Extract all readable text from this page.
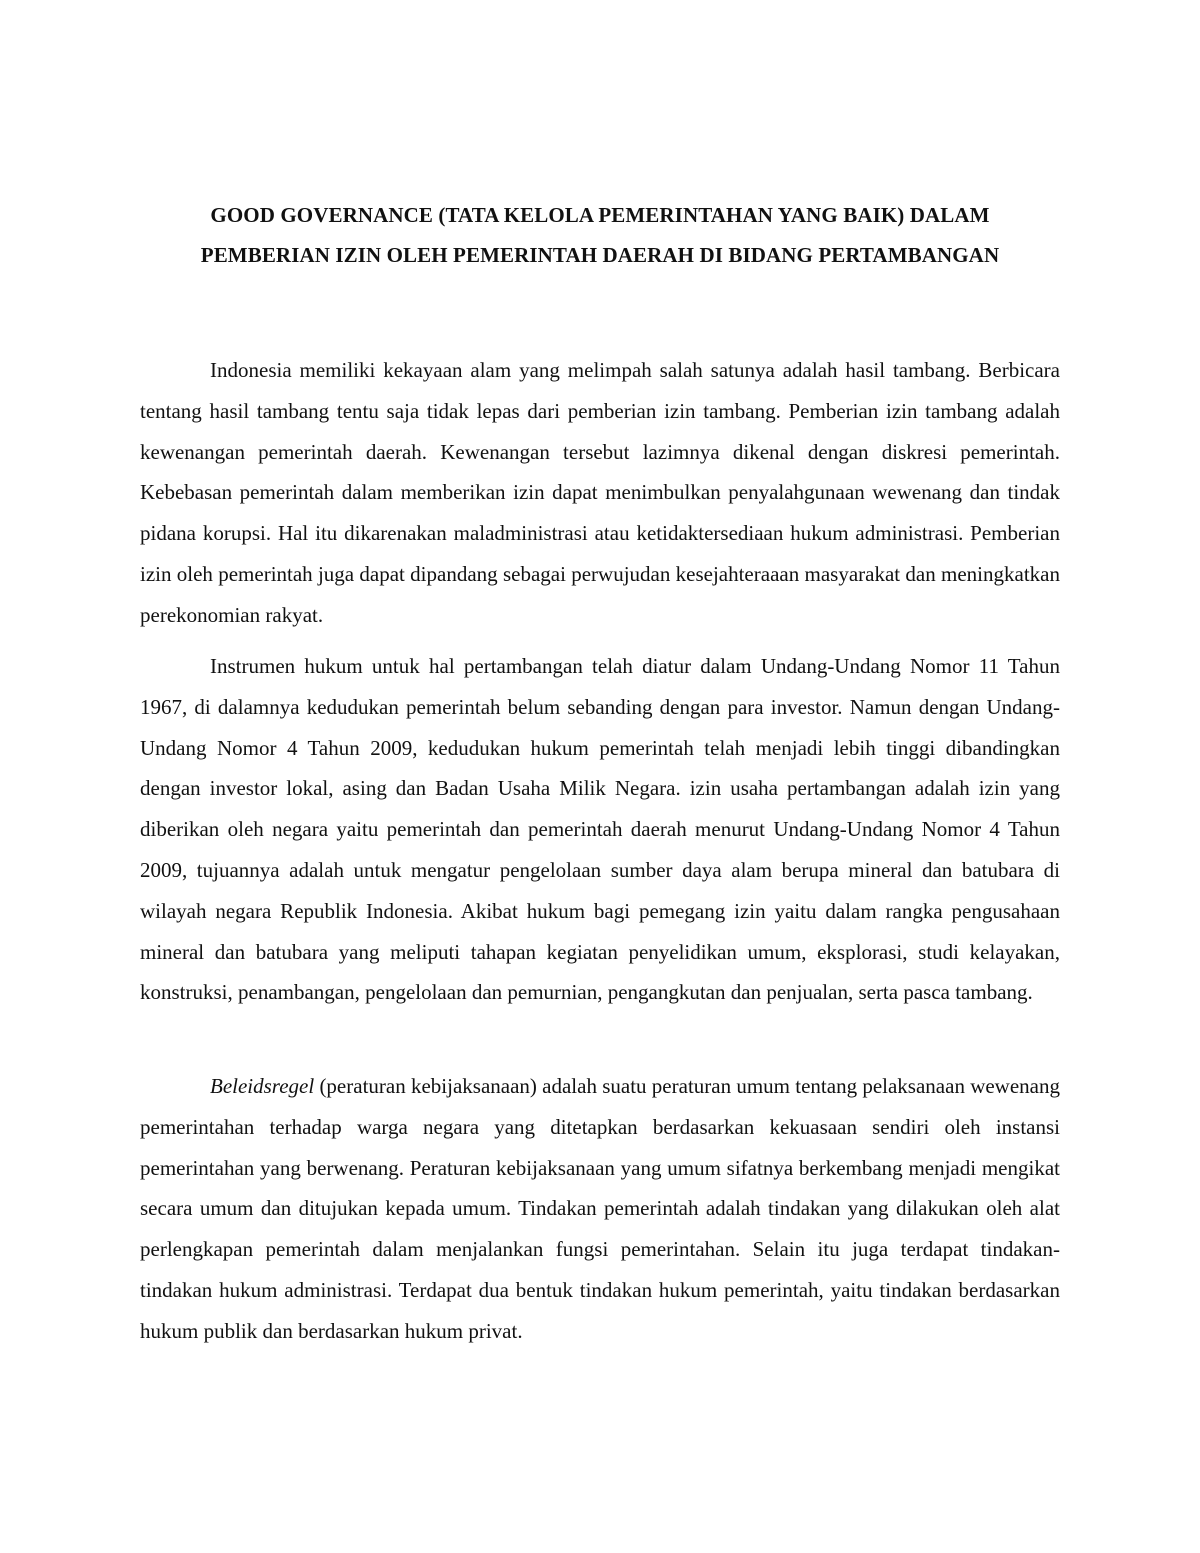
GOOD GOVERNANCE (TATA KELOLA PEMERINTAHAN YANG BAIK) DALAM
PEMBERIAN IZIN OLEH PEMERINTAH DAERAH DI BIDANG PERTAMBANGAN

Indonesia memiliki kekayaan alam yang melimpah salah satunya adalah hasil tambang. Berbicara tentang hasil tambang tentu saja tidak lepas dari pemberian izin tambang. Pemberian izin tambang adalah kewenangan pemerintah daerah. Kewenangan tersebut lazimnya dikenal dengan diskresi pemerintah. Kebebasan pemerintah dalam memberikan izin dapat menimbulkan penyalahgunaan wewenang dan tindak pidana korupsi. Hal itu dikarenakan maladministrasi atau ketidaktersediaan hukum administrasi. Pemberian izin oleh pemerintah juga dapat dipandang sebagai perwujudan kesejahteraaan masyarakat dan meningkatkan perekonomian rakyat.

Instrumen hukum untuk hal pertambangan telah diatur dalam Undang-Undang Nomor 11 Tahun 1967, di dalamnya kedudukan pemerintah belum sebanding dengan para investor. Namun dengan Undang-Undang Nomor 4 Tahun 2009, kedudukan hukum pemerintah telah menjadi lebih tinggi dibandingkan dengan investor lokal, asing dan Badan Usaha Milik Negara. izin usaha pertambangan adalah izin yang diberikan oleh negara yaitu pemerintah dan pemerintah daerah menurut Undang-Undang Nomor 4 Tahun 2009, tujuannya adalah untuk mengatur pengelolaan sumber daya alam berupa mineral dan batubara di wilayah negara Republik Indonesia. Akibat hukum bagi pemegang izin yaitu dalam rangka pengusahaan mineral dan batubara yang meliputi tahapan kegiatan penyelidikan umum, eksplorasi, studi kelayakan, konstruksi, penambangan, pengelolaan dan pemurnian, pengangkutan dan penjualan, serta pasca tambang.

Beleidsregel (peraturan kebijaksanaan) adalah suatu peraturan umum tentang pelaksanaan wewenang pemerintahan terhadap warga negara yang ditetapkan berdasarkan kekuasaan sendiri oleh instansi pemerintahan yang berwenang. Peraturan kebijaksanaan yang umum sifatnya berkembang menjadi mengikat secara umum dan ditujukan kepada umum. Tindakan pemerintah adalah tindakan yang dilakukan oleh alat perlengkapan pemerintah dalam menjalankan fungsi pemerintahan. Selain itu juga terdapat tindakan-tindakan hukum administrasi. Terdapat dua bentuk tindakan hukum pemerintah, yaitu tindakan berdasarkan hukum publik dan berdasarkan hukum privat.
